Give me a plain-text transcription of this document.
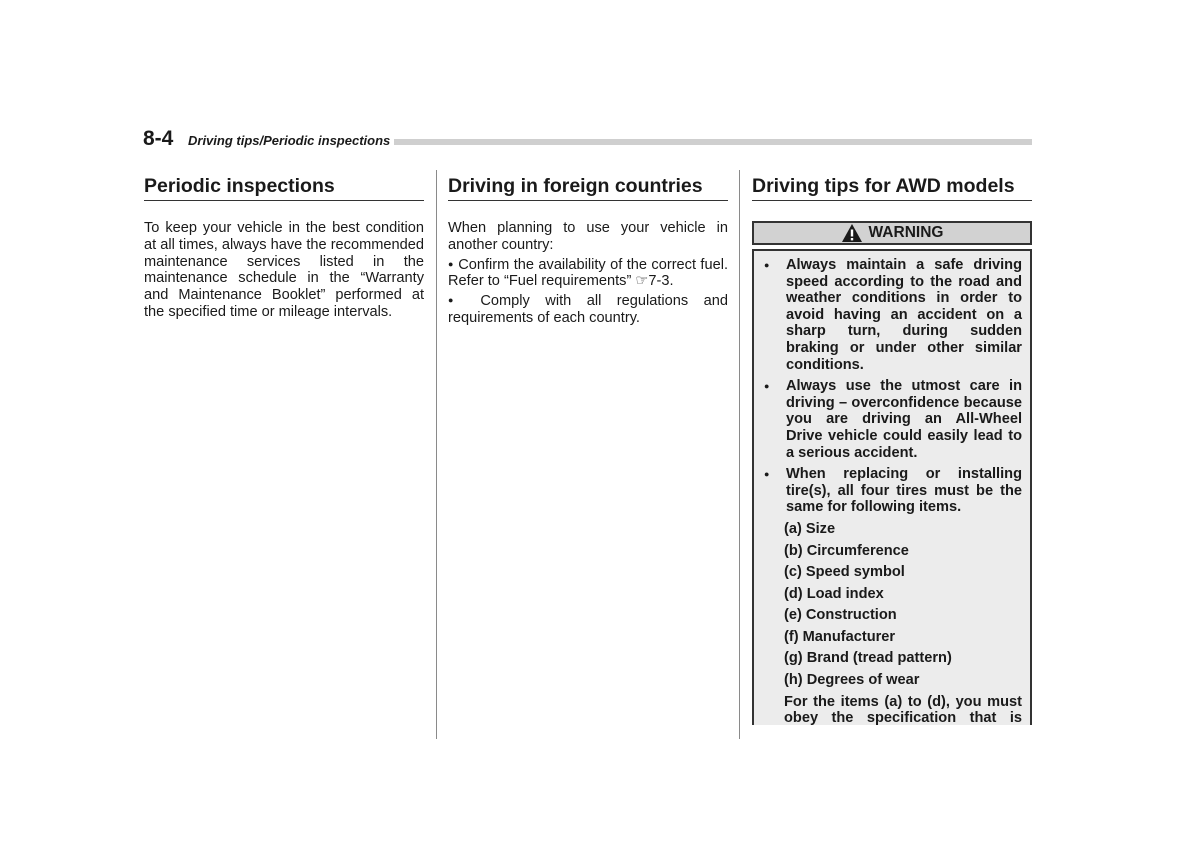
8-4	Driving tips/Periodic inspections
Periodic inspections

To keep your vehicle in the best condition at all times, always have the recommended maintenance services listed in the maintenance schedule in the “Warranty and Maintenance Booklet” performed at the specified time or mileage intervals.

Driving in foreign countries

When planning to use your vehicle in another country:

● Confirm the availability of the correct fuel. Refer to “Fuel requirements” ☞7-3.

● Comply with all regulations and requirements of each country.

Driving tips for AWD models
WARNING
●	Always maintain a safe driving speed according to the road and weather conditions in order to avoid having an accident on a sharp turn, during sudden braking or under other similar conditions.
●	Always use the utmost care in driving – overconfidence because you are driving an All-Wheel Drive vehicle could easily lead to a serious accident.
●	When replacing or installing tire(s), all four tires must be the same for following items.
(a) Size
(b) Circumference
(c) Speed symbol
(d) Load index
(e) Construction
(f) Manufacturer
(g) Brand (tread pattern)
(h) Degrees of wear
For the items (a) to (d), you must obey the specification that is
